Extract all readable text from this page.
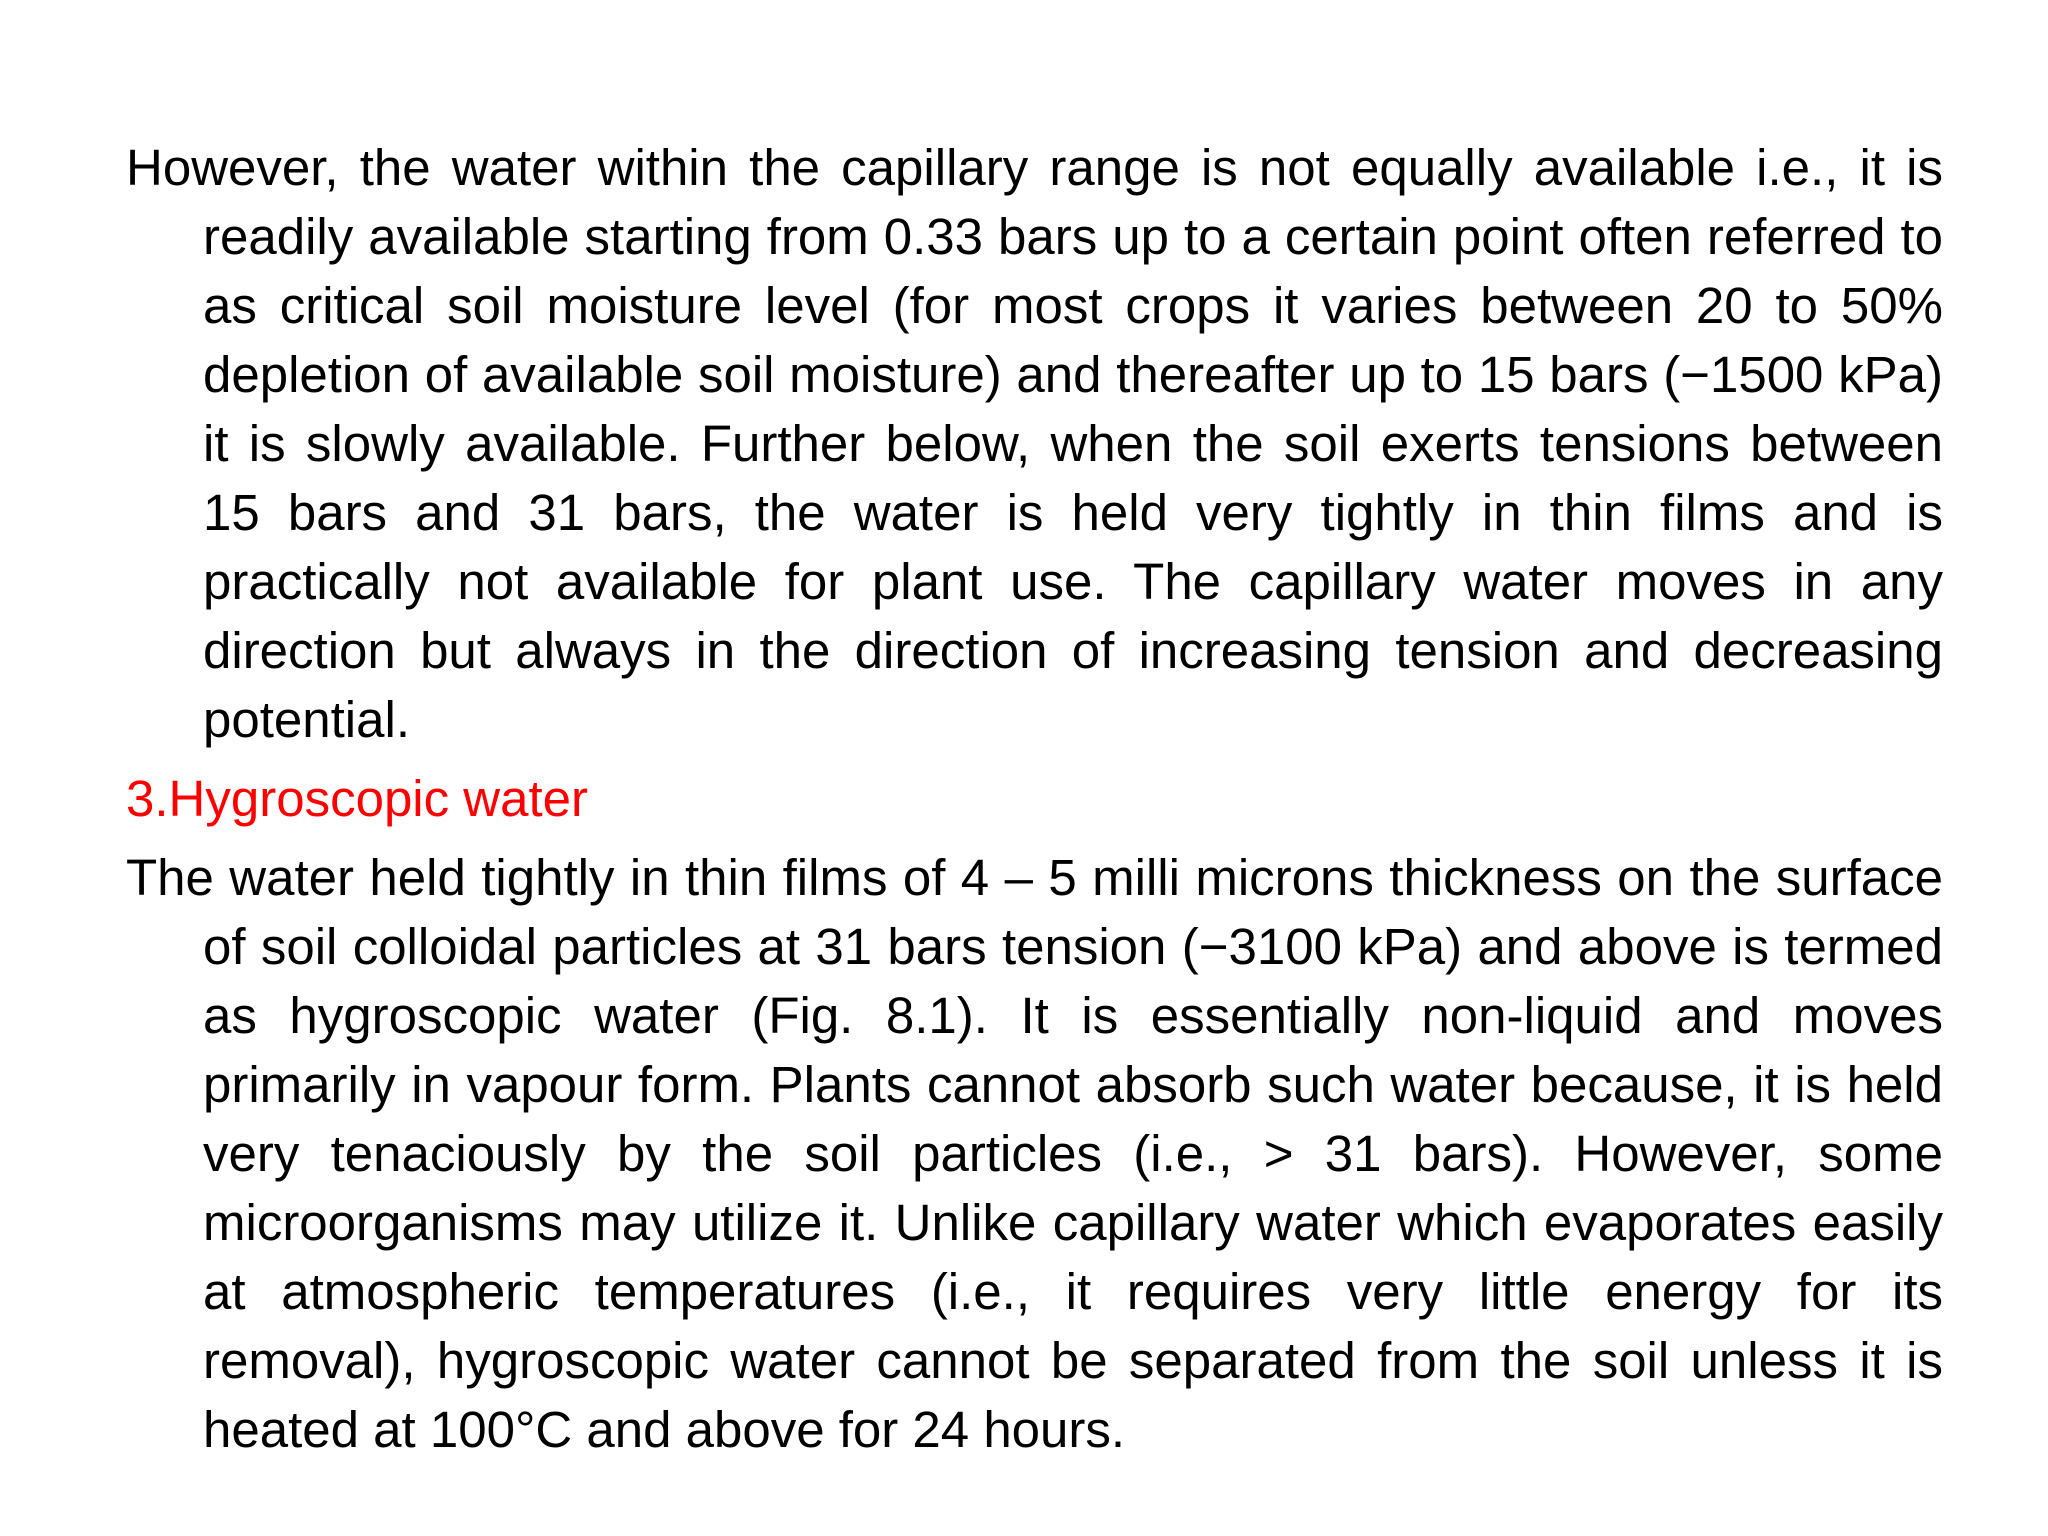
However, the water within the capillary range is not equally available i.e., it is readily available starting from 0.33 bars up to a certain point often referred to as critical soil moisture level (for most crops it varies between 20 to 50% depletion of available soil moisture) and thereafter up to 15 bars (−1500 kPa) it is slowly available. Further below, when the soil exerts tensions between 15 bars and 31 bars, the water is held very tightly in thin films and is practically not available for plant use. The capillary water moves in any direction but always in the direction of increasing tension and decreasing potential.

3.Hygroscopic water

The water held tightly in thin films of 4 – 5 milli microns thickness on the surface of soil colloidal particles at 31 bars tension (−3100 kPa) and above is termed as hygroscopic water (Fig. 8.1). It is essentially non-liquid and moves primarily in vapour form. Plants cannot absorb such water because, it is held very tenaciously by the soil particles (i.e., > 31 bars). However, some microorganisms may utilize it. Unlike capillary water which evaporates easily at atmospheric temperatures (i.e., it requires very little energy for its removal), hygroscopic water cannot be separated from the soil unless it is heated at 100°C and above for 24 hours.
